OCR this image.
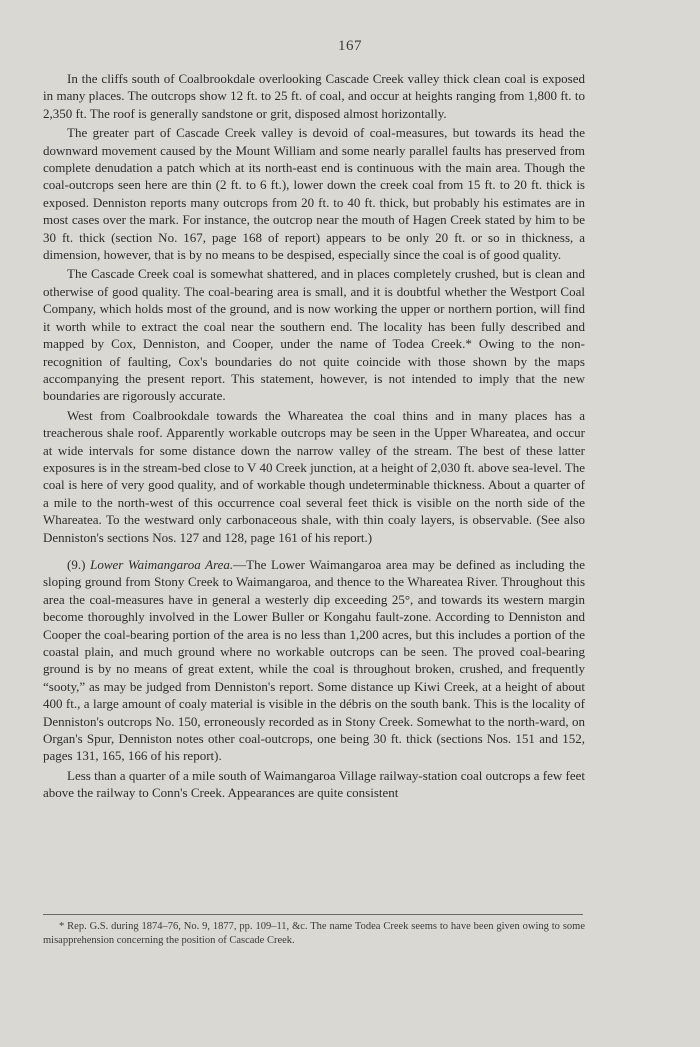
167

In the cliffs south of Coalbrookdale overlooking Cascade Creek valley thick clean coal is exposed in many places. The outcrops show 12 ft. to 25 ft. of coal, and occur at heights ranging from 1,800 ft. to 2,350 ft. The roof is generally sandstone or grit, disposed almost horizontally.

The greater part of Cascade Creek valley is devoid of coal-measures, but towards its head the downward movement caused by the Mount William and some nearly parallel faults has preserved from complete denudation a patch which at its north-east end is continuous with the main area. Though the coal-outcrops seen here are thin (2 ft. to 6 ft.), lower down the creek coal from 15 ft. to 20 ft. thick is exposed. Denniston reports many outcrops from 20 ft. to 40 ft. thick, but probably his estimates are in most cases over the mark. For instance, the outcrop near the mouth of Hagen Creek stated by him to be 30 ft. thick (section No. 167, page 168 of report) appears to be only 20 ft. or so in thickness, a dimension, however, that is by no means to be despised, especially since the coal is of good quality.

The Cascade Creek coal is somewhat shattered, and in places completely crushed, but is clean and otherwise of good quality. The coal-bearing area is small, and it is doubtful whether the Westport Coal Company, which holds most of the ground, and is now working the upper or northern portion, will find it worth while to extract the coal near the southern end. The locality has been fully described and mapped by Cox, Denniston, and Cooper, under the name of Todea Creek.* Owing to the non-recognition of faulting, Cox's boundaries do not quite coincide with those shown by the maps accompanying the present report. This statement, however, is not intended to imply that the new boundaries are rigorously accurate.

West from Coalbrookdale towards the Whareatea the coal thins and in many places has a treacherous shale roof. Apparently workable outcrops may be seen in the Upper Whareatea, and occur at wide intervals for some distance down the narrow valley of the stream. The best of these latter exposures is in the stream-bed close to V 40 Creek junction, at a height of 2,030 ft. above sea-level. The coal is here of very good quality, and of workable though undeterminable thickness. About a quarter of a mile to the north-west of this occurrence coal several feet thick is visible on the north side of the Whareatea. To the westward only carbonaceous shale, with thin coaly layers, is observable. (See also Denniston's sections Nos. 127 and 128, page 161 of his report.)

(9.) Lower Waimangaroa Area.—The Lower Waimangaroa area may be defined as including the sloping ground from Stony Creek to Waimangaroa, and thence to the Whareatea River. Throughout this area the coal-measures have in general a westerly dip exceeding 25°, and towards its western margin become thoroughly involved in the Lower Buller or Kongahu fault-zone. According to Denniston and Cooper the coal-bearing portion of the area is no less than 1,200 acres, but this includes a portion of the coastal plain, and much ground where no workable outcrops can be seen. The proved coal-bearing ground is by no means of great extent, while the coal is throughout broken, crushed, and frequently “sooty,” as may be judged from Denniston's report. Some distance up Kiwi Creek, at a height of about 400 ft., a large amount of coaly material is visible in the débris on the south bank. This is the locality of Denniston's outcrops No. 150, erroneously recorded as in Stony Creek. Somewhat to the north-ward, on Organ's Spur, Denniston notes other coal-outcrops, one being 30 ft. thick (sections Nos. 151 and 152, pages 131, 165, 166 of his report).

Less than a quarter of a mile south of Waimangaroa Village railway-station coal outcrops a few feet above the railway to Conn's Creek. Appearances are quite consistent

* Rep. G.S. during 1874–76, No. 9, 1877, pp. 109–11, &c. The name Todea Creek seems to have been given owing to some misapprehension concerning the position of Cascade Creek.
